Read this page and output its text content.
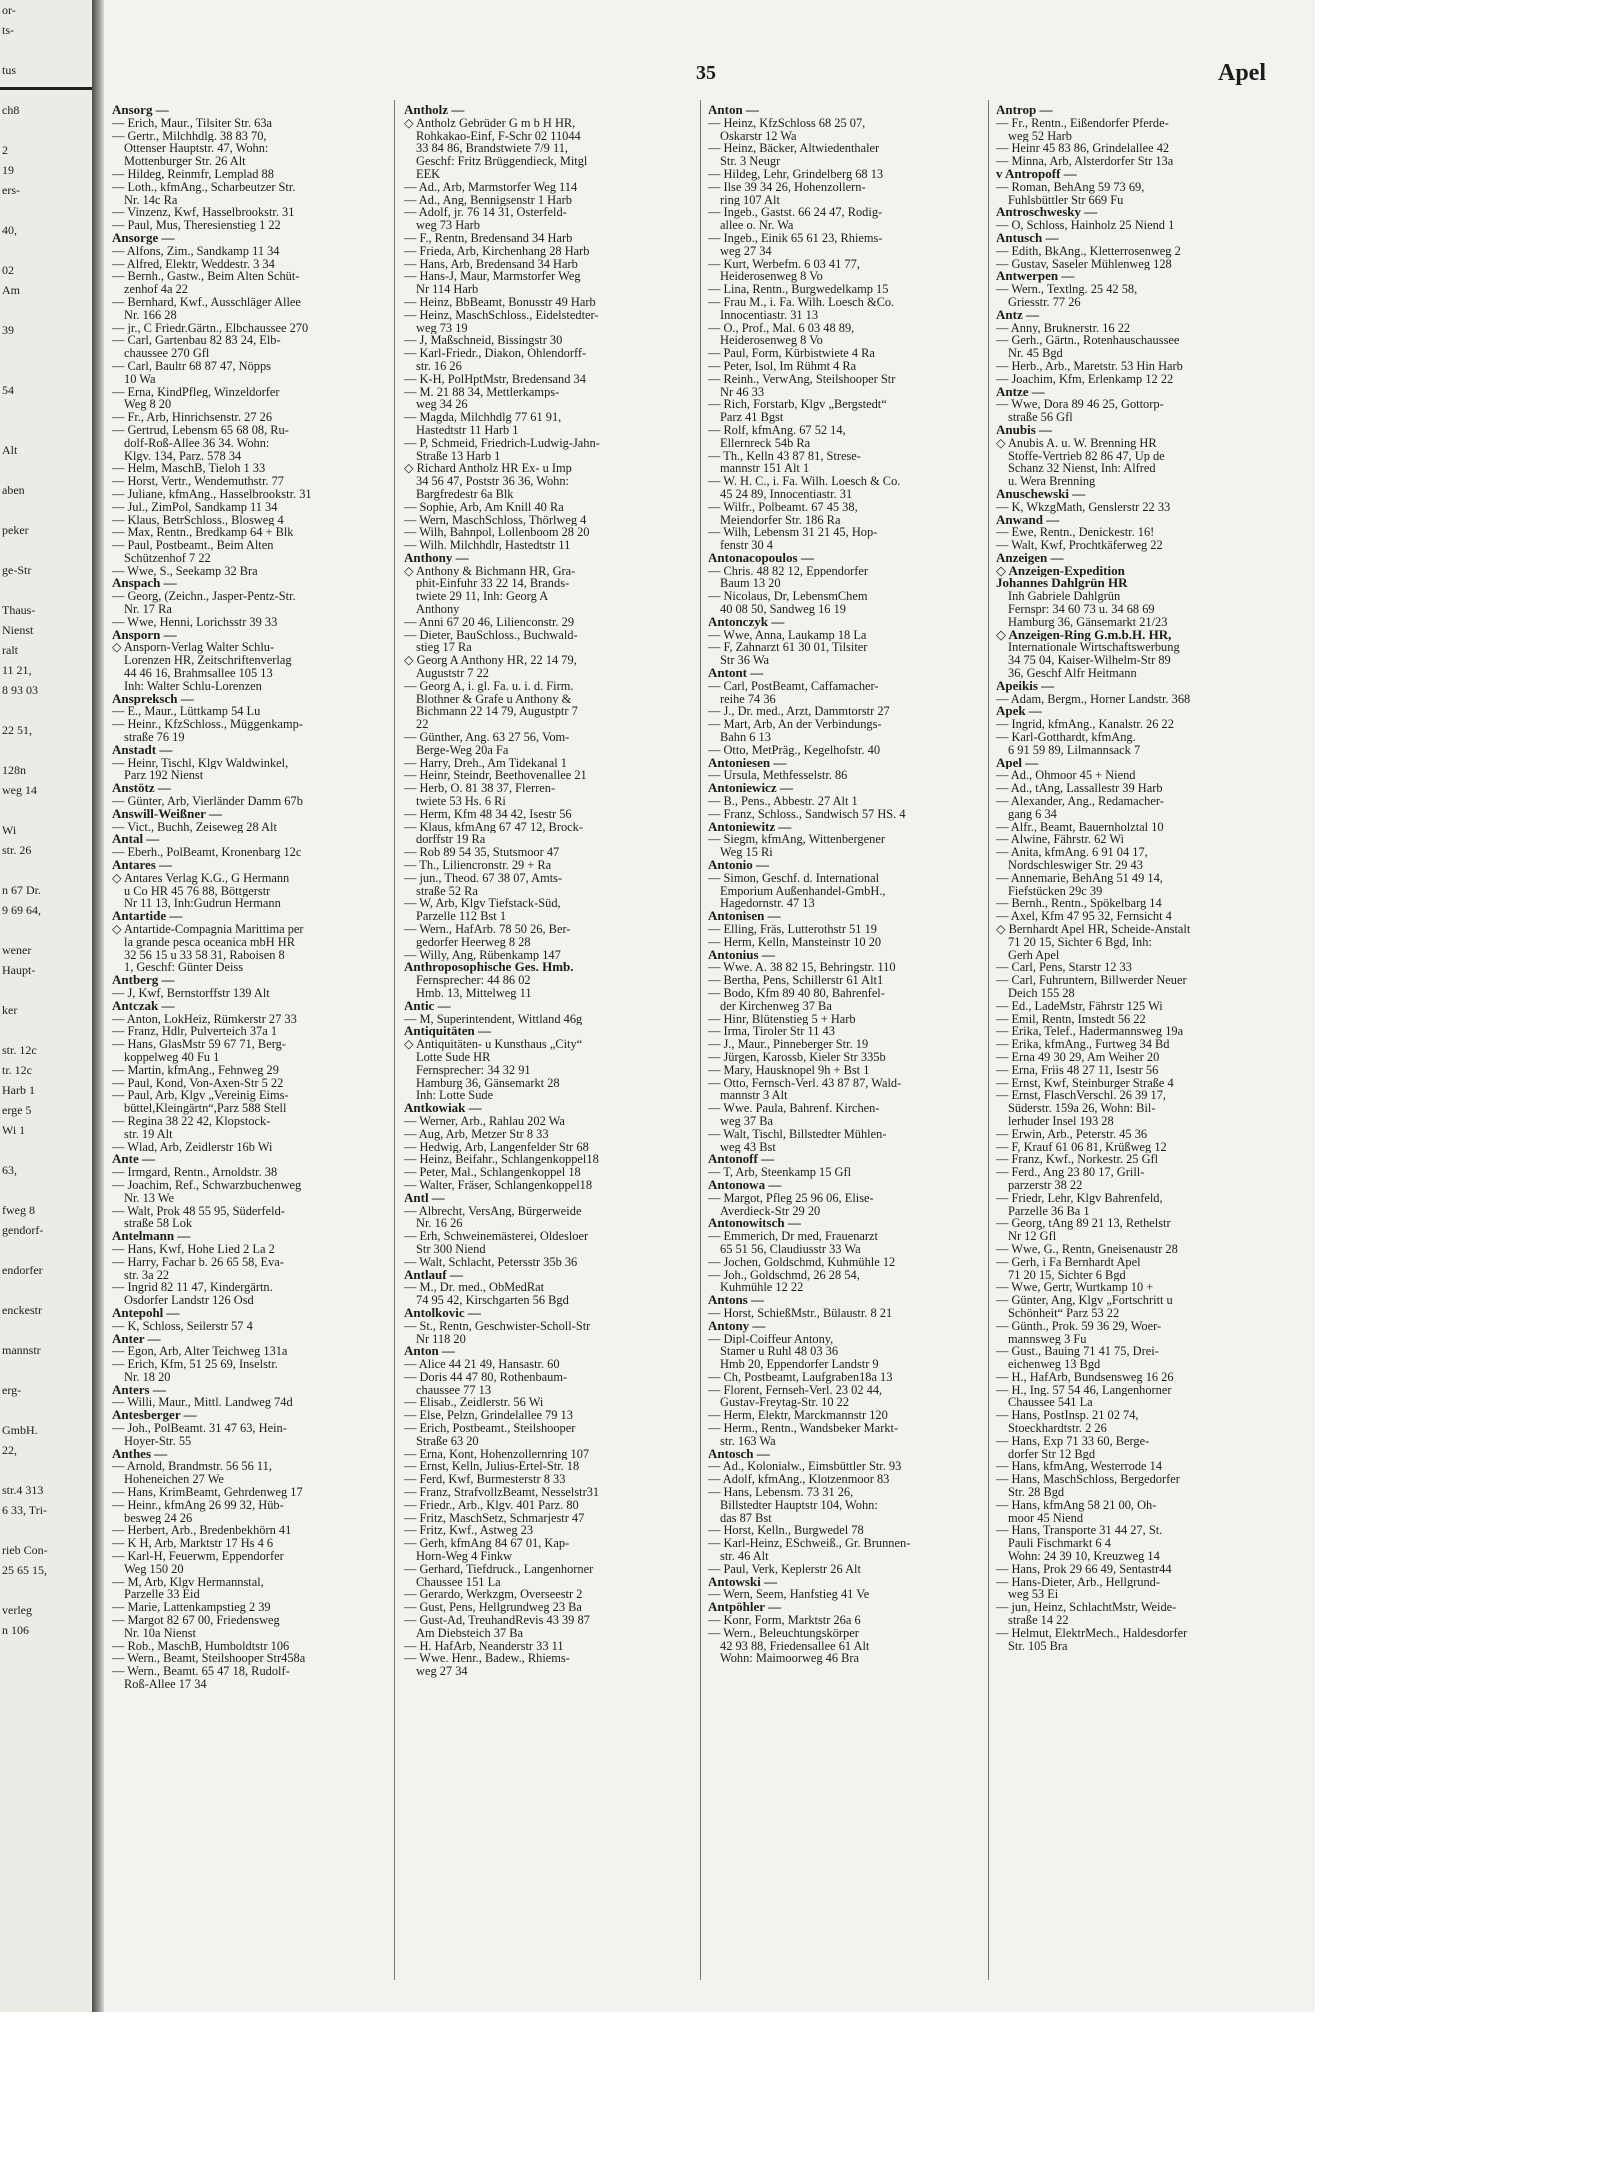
or-
ts-

tus

ch8

2
19
ers-

40,

02
Am

39

54

Alt

aben

peker

ge-Str

Thaus-
Nienst
ralt
11 21,
8 93 03

22 51,

128n
weg 14

Wi
str. 26

n 67 Dr.
9 69 64,

wener
Haupt-

ker

str. 12c
tr. 12c
Harb 1
erge 5
Wi 1

63,

fweg 8
gendorf-

endorfer

enckestr

mannstr

erg-

GmbH.
22,

str.4 313
6 33, Tri-

rieb Con-
25 65 15,

verleg
n 106
35	Apel
Ansorg —
— Erich, Maur., Tilsiter Str. 63a
— Gertr., Milchhdlg. 38 83 70,
Ottenser Hauptstr. 47, Wohn:
Mottenburger Str. 26 Alt
— Hildeg, Reinmfr, Lemplad 88
— Loth., kfmAng., Scharbeutzer Str.
Nr. 14c Ra
— Vinzenz, Kwf, Hasselbrookstr. 31
— Paul, Mus, Theresienstieg 1 22
Ansorge —
— Alfons, Zim., Sandkamp 11 34
— Alfred, Elektr, Weddestr. 3 34
— Bernh., Gastw., Beim Alten Schüt-
zenhof 4a 22
— Bernhard, Kwf., Ausschläger Allee
Nr. 166 28
— jr., C Friedr.Gärtn., Elbchaussee 270
— Carl, Gartenbau 82 83 24, Elb-
chaussee 270 Gfl
— Carl, Baultr 68 87 47, Nöpps
10 Wa
— Erna, KindPfleg, Winzeldorfer
Weg 8 20
— Fr., Arb, Hinrichsenstr. 27 26
— Gertrud, Lebensm 65 68 08, Ru-
dolf-Roß-Allee 36 34. Wohn:
Klgv. 134, Parz. 578 34
— Helm, MaschB, Tieloh 1 33
— Horst, Vertr., Wendemuthstr. 77
— Juliane, kfmAng., Hasselbrookstr. 31
— Jul., ZimPol, Sandkamp 11 34
— Klaus, BetrSchloss., Blosweg 4
— Max, Rentn., Bredkamp 64 + Blk
— Paul, Postbeamt., Beim Alten
Schützenhof 7 22
— Wwe, S., Seekamp 32 Bra
Anspach —
— Georg, (Zeichn., Jasper-Pentz-Str.
Nr. 17 Ra
— Wwe, Henni, Lorichsstr 39 33
Ansporn —
◇ Ansporn-Verlag Walter Schlu-
Lorenzen HR, Zeitschriftenverlag
44 46 16, Brahmsallee 105 13
Inh: Walter Schlu-Lorenzen
Anspreksch —
— E., Maur., Lüttkamp 54 Lu
— Heinr., KfzSchloss., Müggenkamp-
straße 76 19
Anstadt —
— Heinr, Tischl, Klgv Waldwinkel,
Parz 192 Nienst
Anstötz —
— Günter, Arb, Vierländer Damm 67b
Answill-Weißner —
— Vict., Buchh, Zeiseweg 28 Alt
Antal —
— Eberh., PolBeamt, Kronenbarg 12c
Antares —
◇ Antares Verlag K.G., G Hermann
u Co HR 45 76 88, Böttgerstr
Nr 11 13, Inh:Gudrun Hermann
Antartide —
◇ Antartide-Compagnia Marittima per
la grande pesca oceanica mbH HR
32 56 15 u 33 58 31, Raboisen 8
1, Geschf: Günter Deiss
Antberg —
— J, Kwf, Bernstorffstr 139 Alt
Antczak —
— Anton, LokHeiz, Rümkerstr 27 33
— Franz, Hdlr, Pulverteich 37a 1
— Hans, GlasMstr 59 67 71, Berg-
koppelweg 40 Fu 1
— Martin, kfmAng., Fehnweg 29
— Paul, Kond, Von-Axen-Str 5 22
— Paul, Arb, Klgv „Vereinig Eims-
büttel,Kleingärtn“,Parz 588 Stell
— Regina 38 22 42, Klopstock-
str. 19 Alt
— Wlad, Arb, Zeidlerstr 16b Wi
Ante —
— Irmgard, Rentn., Arnoldstr. 38
— Joachim, Ref., Schwarzbuchenweg
Nr. 13 We
— Walt, Prok 48 55 95, Süderfeld-
straße 58 Lok
Antelmann —
— Hans, Kwf, Hohe Lied 2 La 2
— Harry, Fachar b. 26 65 58, Eva-
str. 3a 22
— Ingrid 82 11 47, Kindergärtn.
Osdorfer Landstr 126 Osd
Antepohl —
— K, Schloss, Seilerstr 57 4
Anter —
— Egon, Arb, Alter Teichweg 131a
— Erich, Kfm, 51 25 69, Inselstr.
Nr. 18 20
Anters —
— Willi, Maur., Mittl. Landweg 74d
Antesberger —
— Joh., PolBeamt. 31 47 63, Hein-
Hoyer-Str. 55
Anthes —
— Arnold, Brandmstr. 56 56 11,
Hoheneichen 27 We
— Hans, KrimBeamt, Gehrdenweg 17
— Heinr., kfmAng 26 99 32, Hüb-
besweg 24 26
— Herbert, Arb., Bredenbekhörn 41
— K H, Arb, Marktstr 17 Hs 4 6
— Karl-H, Feuerwm, Eppendorfer
Weg 150 20
— M, Arb, Klgv Hermannstal,
Parzelle 33 Eid
— Marie, Lattenkampstieg 2 39
— Margot 82 67 00, Friedensweg
Nr. 10a Nienst
— Rob., MaschB, Humboldtstr 106
— Wern., Beamt, Steilshooper Str458a
— Wern., Beamt. 65 47 18, Rudolf-
Roß-Allee 17 34
Antholz —
◇ Antholz Gebrüder G m b H HR,
Rohkakao-Einf, F-Schr 02 11044
33 84 86, Brandstwiete 7/9 11,
Geschf: Fritz Brüggendieck, Mitgl
EEK
— Ad., Arb, Marmstorfer Weg 114
— Ad., Ang, Bennigsenstr 1 Harb
— Adolf, jr. 76 14 31, Osterfeld-
weg 73 Harb
— F., Rentn, Bredensand 34 Harb
— Frieda, Arb, Kirchenhang 28 Harb
— Hans, Arb, Bredensand 34 Harb
— Hans-J, Maur, Marmstorfer Weg
Nr 114 Harb
— Heinz, BbBeamt, Bonusstr 49 Harb
— Heinz, MaschSchloss., Eidelstedter-
weg 73 19
— J, Maßschneid, Bissingstr 30
— Karl-Friedr., Diakon, Ohlendorff-
str. 16 26
— K-H, PolHptMstr, Bredensand 34
— M. 21 88 34, Mettlerkamps-
weg 34 26
— Magda, Milchhdlg 77 61 91,
Hastedtstr 11 Harb 1
— P, Schmeid, Friedrich-Ludwig-Jahn-
Straße 13 Harb 1
◇ Richard Antholz HR Ex- u Imp
34 56 47, Poststr 36 36, Wohn:
Bargfredestr 6a Blk
— Sophie, Arb, Am Knill 40 Ra
— Wern, MaschSchloss, Thörlweg 4
— Wilh, Bahnpol, Lollenboom 28 20
— Wilh. Milchhdlr, Hastedtstr 11
Anthony —
◇ Anthony & Bichmann HR, Gra-
phit-Einfuhr 33 22 14, Brands-
twiete 29 11, Inh: Georg A
Anthony
— Anni 67 20 46, Lilienconstr. 29
— Dieter, BauSchloss., Buchwald-
stieg 17 Ra
◇ Georg A Anthony HR, 22 14 79,
Auguststr 7 22
— Georg A, i. gl. Fa. u. i. d. Firm.
Blothner & Grafe u Anthony &
Bichmann 22 14 79, Augustptr 7
22
— Günther, Ang. 63 27 56, Vom-
Berge-Weg 20a Fa
— Harry, Dreh., Am Tidekanal 1
— Heinr, Steindr, Beethovenallee 21
— Herb, O. 81 38 37, Flerren-
twiete 53 Hs. 6 Ri
— Herm, Kfm 48 34 42, Isestr 56
— Klaus, kfmAng 67 47 12, Brock-
dorffstr 19 Ra
— Rob 89 54 35, Stutsmoor 47
— Th., Liliencronstr. 29 + Ra
— jun., Theod. 67 38 07, Amts-
straße 52 Ra
— W, Arb, Klgv Tiefstack-Süd,
Parzelle 112 Bst 1
— Wern., HafArb. 78 50 26, Ber-
gedorfer Heerweg 8 28
— Willy, Ang, Rübenkamp 147
Anthroposophische Ges. Hmb.
Fernsprecher: 44 86 02
Hmb. 13, Mittelweg 11
Antic —
— M, Superintendent, Wittland 46g
Antiquitäten —
◇ Antiquitäten- u Kunsthaus „City“
Lotte Sude HR
Fernsprecher: 34 32 91
Hamburg 36, Gänsemarkt 28
Inh: Lotte Sude
Antkowiak —
— Werner, Arb., Rahlau 202 Wa
— Aug, Arb, Metzer Str 8 33
— Hedwig, Arb, Langenfelder Str 68
— Heinz, Beifahr., Schlangenkoppel18
— Peter, Mal., Schlangenkoppel 18
— Walter, Fräser, Schlangenkoppel18
Antl —
— Albrecht, VersAng, Bürgerweide
Nr. 16 26
— Erh, Schweinemästerei, Oldesloer
Str 300 Niend
— Walt, Schlacht, Petersstr 35b 36
Antlauf —
— M., Dr. med., ObMedRat
74 95 42, Kirschgarten 56 Bgd
Antolkovic —
— St., Rentn, Geschwister-Scholl-Str
Nr 118 20
Anton —
— Alice 44 21 49, Hansastr. 60
— Doris 44 47 80, Rothenbaum-
chaussee 77 13
— Elisab., Zeidlerstr. 56 Wi
— Else, Pelzn, Grindelallee 79 13
— Erich, Postbeamt., Steilshooper
Straße 63 20
— Erna, Kont, Hohenzollernring 107
— Ernst, Kelln, Julius-Ertel-Str. 18
— Ferd, Kwf, Burmesterstr 8 33
— Franz, StrafvollzBeamt, Nesselstr31
— Friedr., Arb., Klgv. 401 Parz. 80
— Fritz, MaschSetz, Schmarjestr 47
— Fritz, Kwf., Astweg 23
— Gerh, kfmAng 84 67 01, Kap-
Horn-Weg 4 Finkw
— Gerhard, Tiefdruck., Langenhorner
Chaussee 151 La
— Gerardo, Werkzgm, Overseestr 2
— Gust, Pens, Hellgrundweg 23 Ba
— Gust-Ad, TreuhandRevis 43 39 87
Am Diebsteich 37 Ba
— H. HafArb, Neanderstr 33 11
— Wwe. Henr., Badew., Rhiems-
weg 27 34
Anton —
— Heinz, KfzSchloss 68 25 07,
Oskarstr 12 Wa
— Heinz, Bäcker, Altwiedenthaler
Str. 3 Neugr
— Hildeg, Lehr, Grindelberg 68 13
— Ilse 39 34 26, Hohenzollern-
ring 107 Alt
— Ingeb., Gastst. 66 24 47, Rodig-
allee o. Nr. Wa
— Ingeb., Einik 65 61 23, Rhiems-
weg 27 34
— Kurt, Werbefm. 6 03 41 77,
Heiderosenweg 8 Vo
— Lina, Rentn., Burgwedelkamp 15
— Frau M., i. Fa. Wilh. Loesch &Co.
Innocentiastr. 31 13
— O., Prof., Mal. 6 03 48 89,
Heiderosenweg 8 Vo
— Paul, Form, Kürbistwiete 4 Ra
— Peter, Isol, Im Rühmt 4 Ra
— Reinh., VerwAng, Steilshooper Str
Nr 46 33
— Rich, Forstarb, Klgv „Bergstedt“
Parz 41 Bgst
— Rolf, kfmAng. 67 52 14,
Ellernreck 54b Ra
— Th., Kelln 43 87 81, Strese-
mannstr 151 Alt 1
— W. H. C., i. Fa. Wilh. Loesch & Co.
45 24 89, Innocentiastr. 31
— Wilfr., Polbeamt. 67 45 38,
Meiendorfer Str. 186 Ra
— Wilh, Lebensm 31 21 45, Hop-
fenstr 30 4
Antonacopoulos —
— Chris. 48 82 12, Eppendorfer
Baum 13 20
— Nicolaus, Dr, LebensmChem
40 08 50, Sandweg 16 19
Antonczyk —
— Wwe, Anna, Laukamp 18 La
— F, Zahnarzt 61 30 01, Tilsiter
Str 36 Wa
Antont —
— Carl, PostBeamt, Caffamacher-
reihe 74 36
— J., Dr. med., Arzt, Dammtorstr 27
— Mart, Arb, An der Verbindungs-
Bahn 6 13
— Otto, MetPräg., Kegelhofstr. 40
Antoniesen —
— Ursula, Methfesselstr. 86
Antoniewicz —
— B., Pens., Abbestr. 27 Alt 1
— Franz, Schloss., Sandwisch 57 HS. 4
Antoniewitz —
— Siegm, kfmAng, Wittenbergener
Weg 15 Ri
Antonio —
— Simon, Geschf. d. International
Emporium Außenhandel-GmbH.,
Hagedornstr. 47 13
Antonisen —
— Elling, Fräs, Lutterothstr 51 19
— Herm, Kelln, Mansteinstr 10 20
Antonius —
— Wwe. A. 38 82 15, Behringstr. 110
— Bertha, Pens, Schillerstr 61 Alt1
— Bodo, Kfm 89 40 80, Bahrenfel-
der Kirchenweg 37 Ba
— Hinr, Blütenstieg 5 + Harb
— Irma, Tiroler Str 11 43
— J., Maur., Pinneberger Str. 19
— Jürgen, Karossb, Kieler Str 335b
— Mary, Hausknopel 9h + Bst 1
— Otto, Fernsch-Verl. 43 87 87, Wald-
mannstr 3 Alt
— Wwe. Paula, Bahrenf. Kirchen-
weg 37 Ba
— Walt, Tischl, Billstedter Mühlen-
weg 43 Bst
Antonoff —
— T, Arb, Steenkamp 15 Gfl
Antonowa —
— Margot, Pfleg 25 96 06, Elise-
Averdieck-Str 29 20
Antonowitsch —
— Emmerich, Dr med, Frauenarzt
65 51 56, Claudiusstr 33 Wa
— Jochen, Goldschmd, Kuhmühle 12
— Joh., Goldschmd, 26 28 54,
Kuhmühle 12 22
Antons —
— Horst, SchießMstr., Bülaustr. 8 21
Antony —
— Dipl-Coiffeur Antony,
Stamer u Ruhl 48 03 36
Hmb 20, Eppendorfer Landstr 9
— Ch, Postbeamt, Laufgraben18a 13
— Florent, Fernseh-Verl. 23 02 44,
Gustav-Freytag-Str. 10 22
— Herm, Elektr, Marckmannstr 120
— Herm., Rentn., Wandsbeker Markt-
str. 163 Wa
Antosch —
— Ad., Kolonialw., Eimsbüttler Str. 93
— Adolf, kfmAng., Klotzenmoor 83
— Hans, Lebensm. 73 31 26,
Billstedter Hauptstr 104, Wohn:
das 87 Bst
— Horst, Kelln., Burgwedel 78
— Karl-Heinz, ESchweiß., Gr. Brunnen-
str. 46 Alt
— Paul, Verk, Keplerstr 26 Alt
Antowski —
— Wern, Seem, Hanfstieg 41 Ve
Antpöhler —
— Konr, Form, Marktstr 26a 6
— Wern., Beleuchtungskörper
42 93 88, Friedensallee 61 Alt
Wohn: Maimoorweg 46 Bra
Antrop —
— Fr., Rentn., Eißendorfer Pferde-
weg 52 Harb
— Heinr 45 83 86, Grindelallee 42
— Minna, Arb, Alsterdorfer Str 13a
v Antropoff —
— Roman, BehAng 59 73 69,
Fuhlsbüttler Str 669 Fu
Antroschwesky —
— O, Schloss, Hainholz 25 Niend 1
Antusch —
— Edith, BkAng., Kletterrosenweg 2
— Gustav, Saseler Mühlenweg 128
Antwerpen —
— Wern., Textlng. 25 42 58,
Griesstr. 77 26
Antz —
— Anny, Bruknerstr. 16 22
— Gerh., Gärtn., Rotenhauschaussee
Nr. 45 Bgd
— Herb., Arb., Maretstr. 53 Hin Harb
— Joachim, Kfm, Erlenkamp 12 22
Antze —
— Wwe, Dora 89 46 25, Gottorp-
straße 56 Gfl
Anubis —
◇ Anubis A. u. W. Brenning HR
Stoffe-Vertrieb 82 86 47, Up de
Schanz 32 Nienst, Inh: Alfred
u. Wera Brenning
Anuschewski —
— K, WkzgMath, Genslerstr 22 33
Anwand —
— Ewe, Rentn., Denickestr. 16!
— Walt, Kwf, Prochtkäferweg 22
Anzeigen —
◇ Anzeigen-Expedition
Johannes Dahlgrün HR
Inh Gabriele Dahlgrün
Fernspr: 34 60 73 u. 34 68 69
Hamburg 36, Gänsemarkt 21/23
◇ Anzeigen-Ring G.m.b.H. HR,
Internationale Wirtschaftswerbung
34 75 04, Kaiser-Wilhelm-Str 89
36, Geschf Alfr Heitmann
Apeikis —
— Adam, Bergm., Horner Landstr. 368
Apek —
— Ingrid, kfmAng., Kanalstr. 26 22
— Karl-Gotthardt, kfmAng.
6 91 59 89, Lilmannsack 7
Apel —
— Ad., Ohmoor 45 + Niend
— Ad., tAng, Lassallestr 39 Harb
— Alexander, Ang., Redamacher-
gang 6 34
— Alfr., Beamt, Bauernholztal 10
— Alwine, Fährstr. 62 Wi
— Anita, kfmAng. 6 91 04 17,
Nordschleswiger Str. 29 43
— Annemarie, BehAng 51 49 14,
Fiefstücken 29c 39
— Bernh., Rentn., Spökelbarg 14
— Axel, Kfm 47 95 32, Fernsicht 4
◇ Bernhardt Apel HR, Scheide-Anstalt
71 20 15, Sichter 6 Bgd, Inh:
Gerh Apel
— Carl, Pens, Starstr 12 33
— Carl, Fuhruntern, Billwerder Neuer
Deich 155 28
— Ed., LadeMstr, Fährstr 125 Wi
— Emil, Rentn, Imstedt 56 22
— Erika, Telef., Hadermannsweg 19a
— Erika, kfmAng., Furtweg 34 Bd
— Erna 49 30 29, Am Weiher 20
— Erna, Friis 48 27 11, Isestr 56
— Ernst, Kwf, Steinburger Straße 4
— Ernst, FlaschVerschl. 26 39 17,
Süderstr. 159a 26, Wohn: Bil-
lerhuder Insel 193 28
— Erwin, Arb., Peterstr. 45 36
— F, Krauf 61 06 81, Krüßweg 12
— Franz, Kwf., Norkestr. 25 Gfl
— Ferd., Ang 23 80 17, Grill-
parzerstr 38 22
— Friedr, Lehr, Klgv Bahrenfeld,
Parzelle 36 Ba 1
— Georg, tAng 89 21 13, Rethelstr
Nr 12 Gfl
— Wwe, G., Rentn, Gneisenaustr 28
— Gerh, i Fa Bernhardt Apel
71 20 15, Sichter 6 Bgd
— Wwe, Gertr, Wurtkamp 10 +
— Günter, Ang, Klgv „Fortschritt u
Schönheit“ Parz 53 22
— Günth., Prok. 59 36 29, Woer-
mannsweg 3 Fu
— Gust., Bauing 71 41 75, Drei-
eichenweg 13 Bgd
— H., HafArb, Bundsensweg 16 26
— H., Ing. 57 54 46, Langenhorner
Chaussee 541 La
— Hans, PostInsp. 21 02 74,
Stoeckhardtstr. 2 26
— Hans, Exp 71 33 60, Berge-
dorfer Str 12 Bgd
— Hans, kfmAng, Westerrode 14
— Hans, MaschSchloss, Bergedorfer
Str. 28 Bgd
— Hans, kfmAng 58 21 00, Oh-
moor 45 Niend
— Hans, Transporte 31 44 27, St.
Pauli Fischmarkt 6 4
Wohn: 24 39 10, Kreuzweg 14
— Hans, Prok 29 66 49, Sentastr44
— Hans-Dieter, Arb., Hellgrund-
weg 53 Ei
— jun, Heinz, SchlachtMstr, Weide-
straße 14 22
— Helmut, ElektrMech., Haldesdorfer
Str. 105 Bra
